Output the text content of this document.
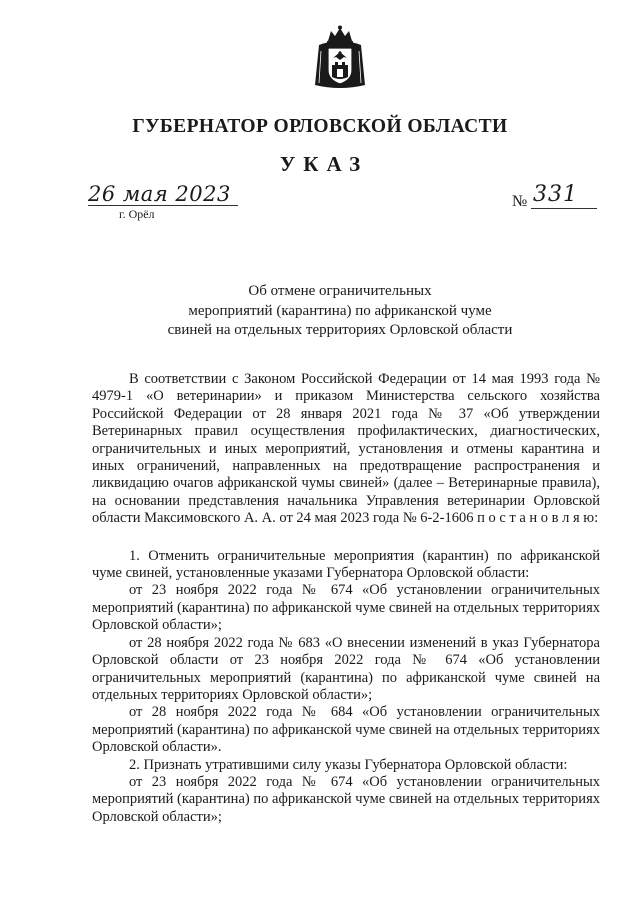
ГУБЕРНАТОР ОРЛОВСКОЙ ОБЛАСТИ
УКАЗ
26 мая 2023
г. Орёл
№ 331
Об отмене ограничительных
мероприятий (карантина) по африканской чуме
свиней на отдельных территориях Орловской области

В соответствии с Законом Российской Федерации от 14 мая 1993 года № 4979-1 «О ветеринарии» и приказом Министерства сельского хозяйства Российской Федерации от 28 января 2021 года № 37 «Об утверждении Ветеринарных правил осуществления профилактических, диагностических, ограничительных и иных мероприятий, установления и отмены карантина и иных ограничений, направленных на предотвращение распространения и ликвидацию очагов африканской чумы свиней» (далее – Ветеринарные правила), на основании представления начальника Управления ветеринарии Орловской области Максимовского А. А. от 24 мая 2023 года № 6-2-1606 п о с т а н о в л я ю:

1. Отменить ограничительные мероприятия (карантин) по африканской чуме свиней, установленные указами Губернатора Орловской области:

от 23 ноября 2022 года № 674 «Об установлении ограничительных мероприятий (карантина) по африканской чуме свиней на отдельных территориях Орловской области»;

от 28 ноября 2022 года № 683 «О внесении изменений в указ Губернатора Орловской области от 23 ноября 2022 года № 674 «Об установлении ограничительных мероприятий (карантина) по африканской чуме свиней на отдельных территориях Орловской области»;

от 28 ноября 2022 года № 684 «Об установлении ограничительных мероприятий (карантина) по африканской чуме свиней на отдельных территориях Орловской области».

2. Признать утратившими силу указы Губернатора Орловской области:

от 23 ноября 2022 года № 674 «Об установлении ограничительных мероприятий (карантина) по африканской чуме свиней на отдельных территориях Орловской области»;
